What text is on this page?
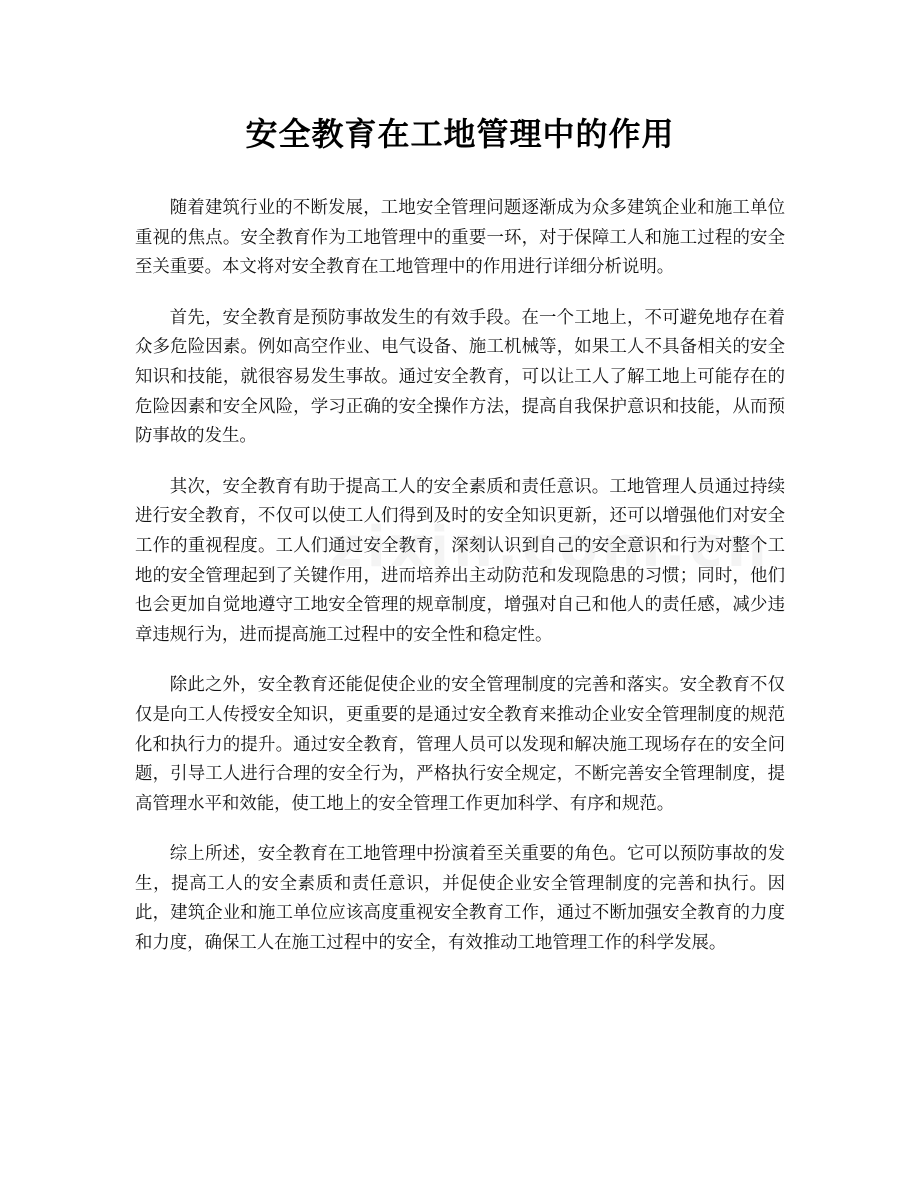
安全教育在工地管理中的作用

随着建筑行业的不断发展，工地安全管理问题逐渐成为众多建筑企业和施工单位重视的焦点。安全教育作为工地管理中的重要一环，对于保障工人和施工过程的安全至关重要。本文将对安全教育在工地管理中的作用进行详细分析说明。

首先，安全教育是预防事故发生的有效手段。在一个工地上，不可避免地存在着众多危险因素。例如高空作业、电气设备、施工机械等，如果工人不具备相关的安全知识和技能，就很容易发生事故。通过安全教育，可以让工人了解工地上可能存在的危险因素和安全风险，学习正确的安全操作方法，提高自我保护意识和技能，从而预防事故的发生。

其次，安全教育有助于提高工人的安全素质和责任意识。工地管理人员通过持续进行安全教育，不仅可以使工人们得到及时的安全知识更新，还可以增强他们对安全工作的重视程度。工人们通过安全教育，深刻认识到自己的安全意识和行为对整个工地的安全管理起到了关键作用，进而培养出主动防范和发现隐患的习惯；同时，他们也会更加自觉地遵守工地安全管理的规章制度，增强对自己和他人的责任感，减少违章违规行为，进而提高施工过程中的安全性和稳定性。

除此之外，安全教育还能促使企业的安全管理制度的完善和落实。安全教育不仅仅是向工人传授安全知识，更重要的是通过安全教育来推动企业安全管理制度的规范化和执行力的提升。通过安全教育，管理人员可以发现和解决施工现场存在的安全问题，引导工人进行合理的安全行为，严格执行安全规定，不断完善安全管理制度，提高管理水平和效能，使工地上的安全管理工作更加科学、有序和规范。

综上所述，安全教育在工地管理中扮演着至关重要的角色。它可以预防事故的发生，提高工人的安全素质和责任意识，并促使企业安全管理制度的完善和执行。因此，建筑企业和施工单位应该高度重视安全教育工作，通过不断加强安全教育的力度和力度，确保工人在施工过程中的安全，有效推动工地管理工作的科学发展。
